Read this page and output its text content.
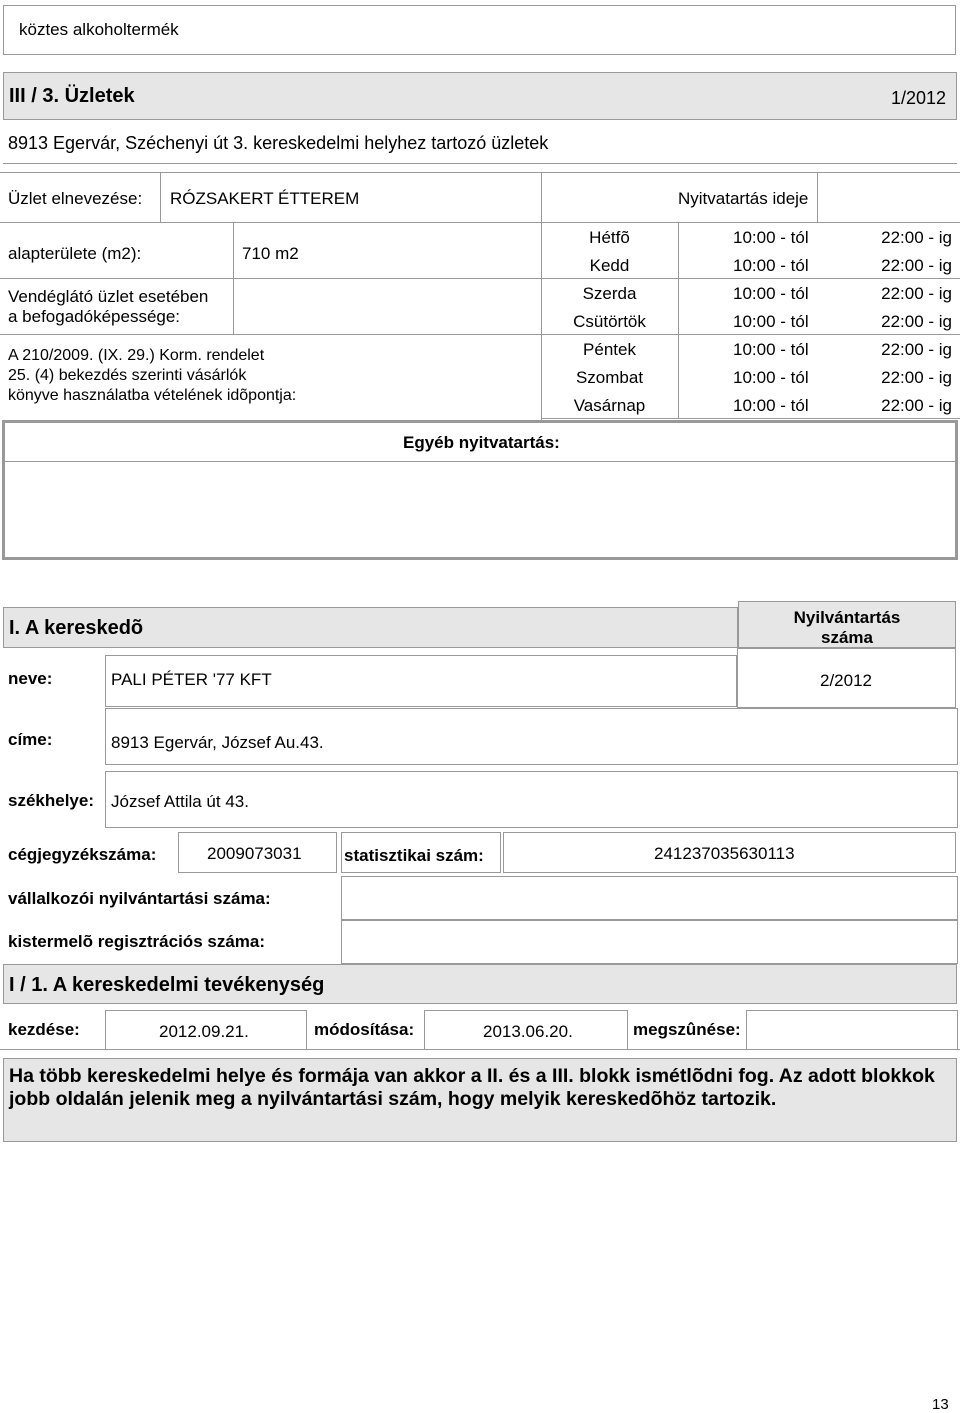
köztes alkoholtermék
III / 3. Üzletek	1/2012
8913 Egervár, Széchenyi út 3. kereskedelmi helyhez tartozó üzletek
Üzlet elnevezése: RÓZSAKERT ÉTTEREM
alapterülete (m2):	710 m2
Vendéglátó üzlet esetében
a befogadóképessége:
A 210/2009. (IX. 29.) Korm. rendelet
25. (4) bekezdés szerinti vásárlók
könyve használatba vételének idõpontja:
Nyitvatartás ideje
Hétfõ	10:00 - tól	22:00 - ig
Kedd	10:00 - tól	22:00 - ig
Szerda	10:00 - tól	22:00 - ig
Csütörtök	10:00 - tól	22:00 - ig
Péntek	10:00 - tól	22:00 - ig
Szombat	10:00 - tól	22:00 - ig
Vasárnap	10:00 - tól	22:00 - ig
Egyéb nyitvatartás:
I. A kereskedõ	Nyilvántartás
száma
neve:	PALI PÉTER '77 KFT	2/2012
címe:	8913 Egervár, József Au.43.
székhelye: József Attila út 43.
cégjegyzékszáma:	2009073031 statisztikai szám:	241237035630113
vállalkozói nyilvántartási száma:
kistermelõ regisztrációs száma:
I / 1. A kereskedelmi tevékenység
kezdése:	2012.09.21.	módosítása:	2013.06.20.	megszûnése:
Ha több kereskedelmi helye és formája van akkor a II. és a III. blokk ismétlõdni fog. Az adott blokkok jobb oldalán jelenik meg a nyilvántartási szám, hogy melyik kereskedõhöz tartozik.
13
